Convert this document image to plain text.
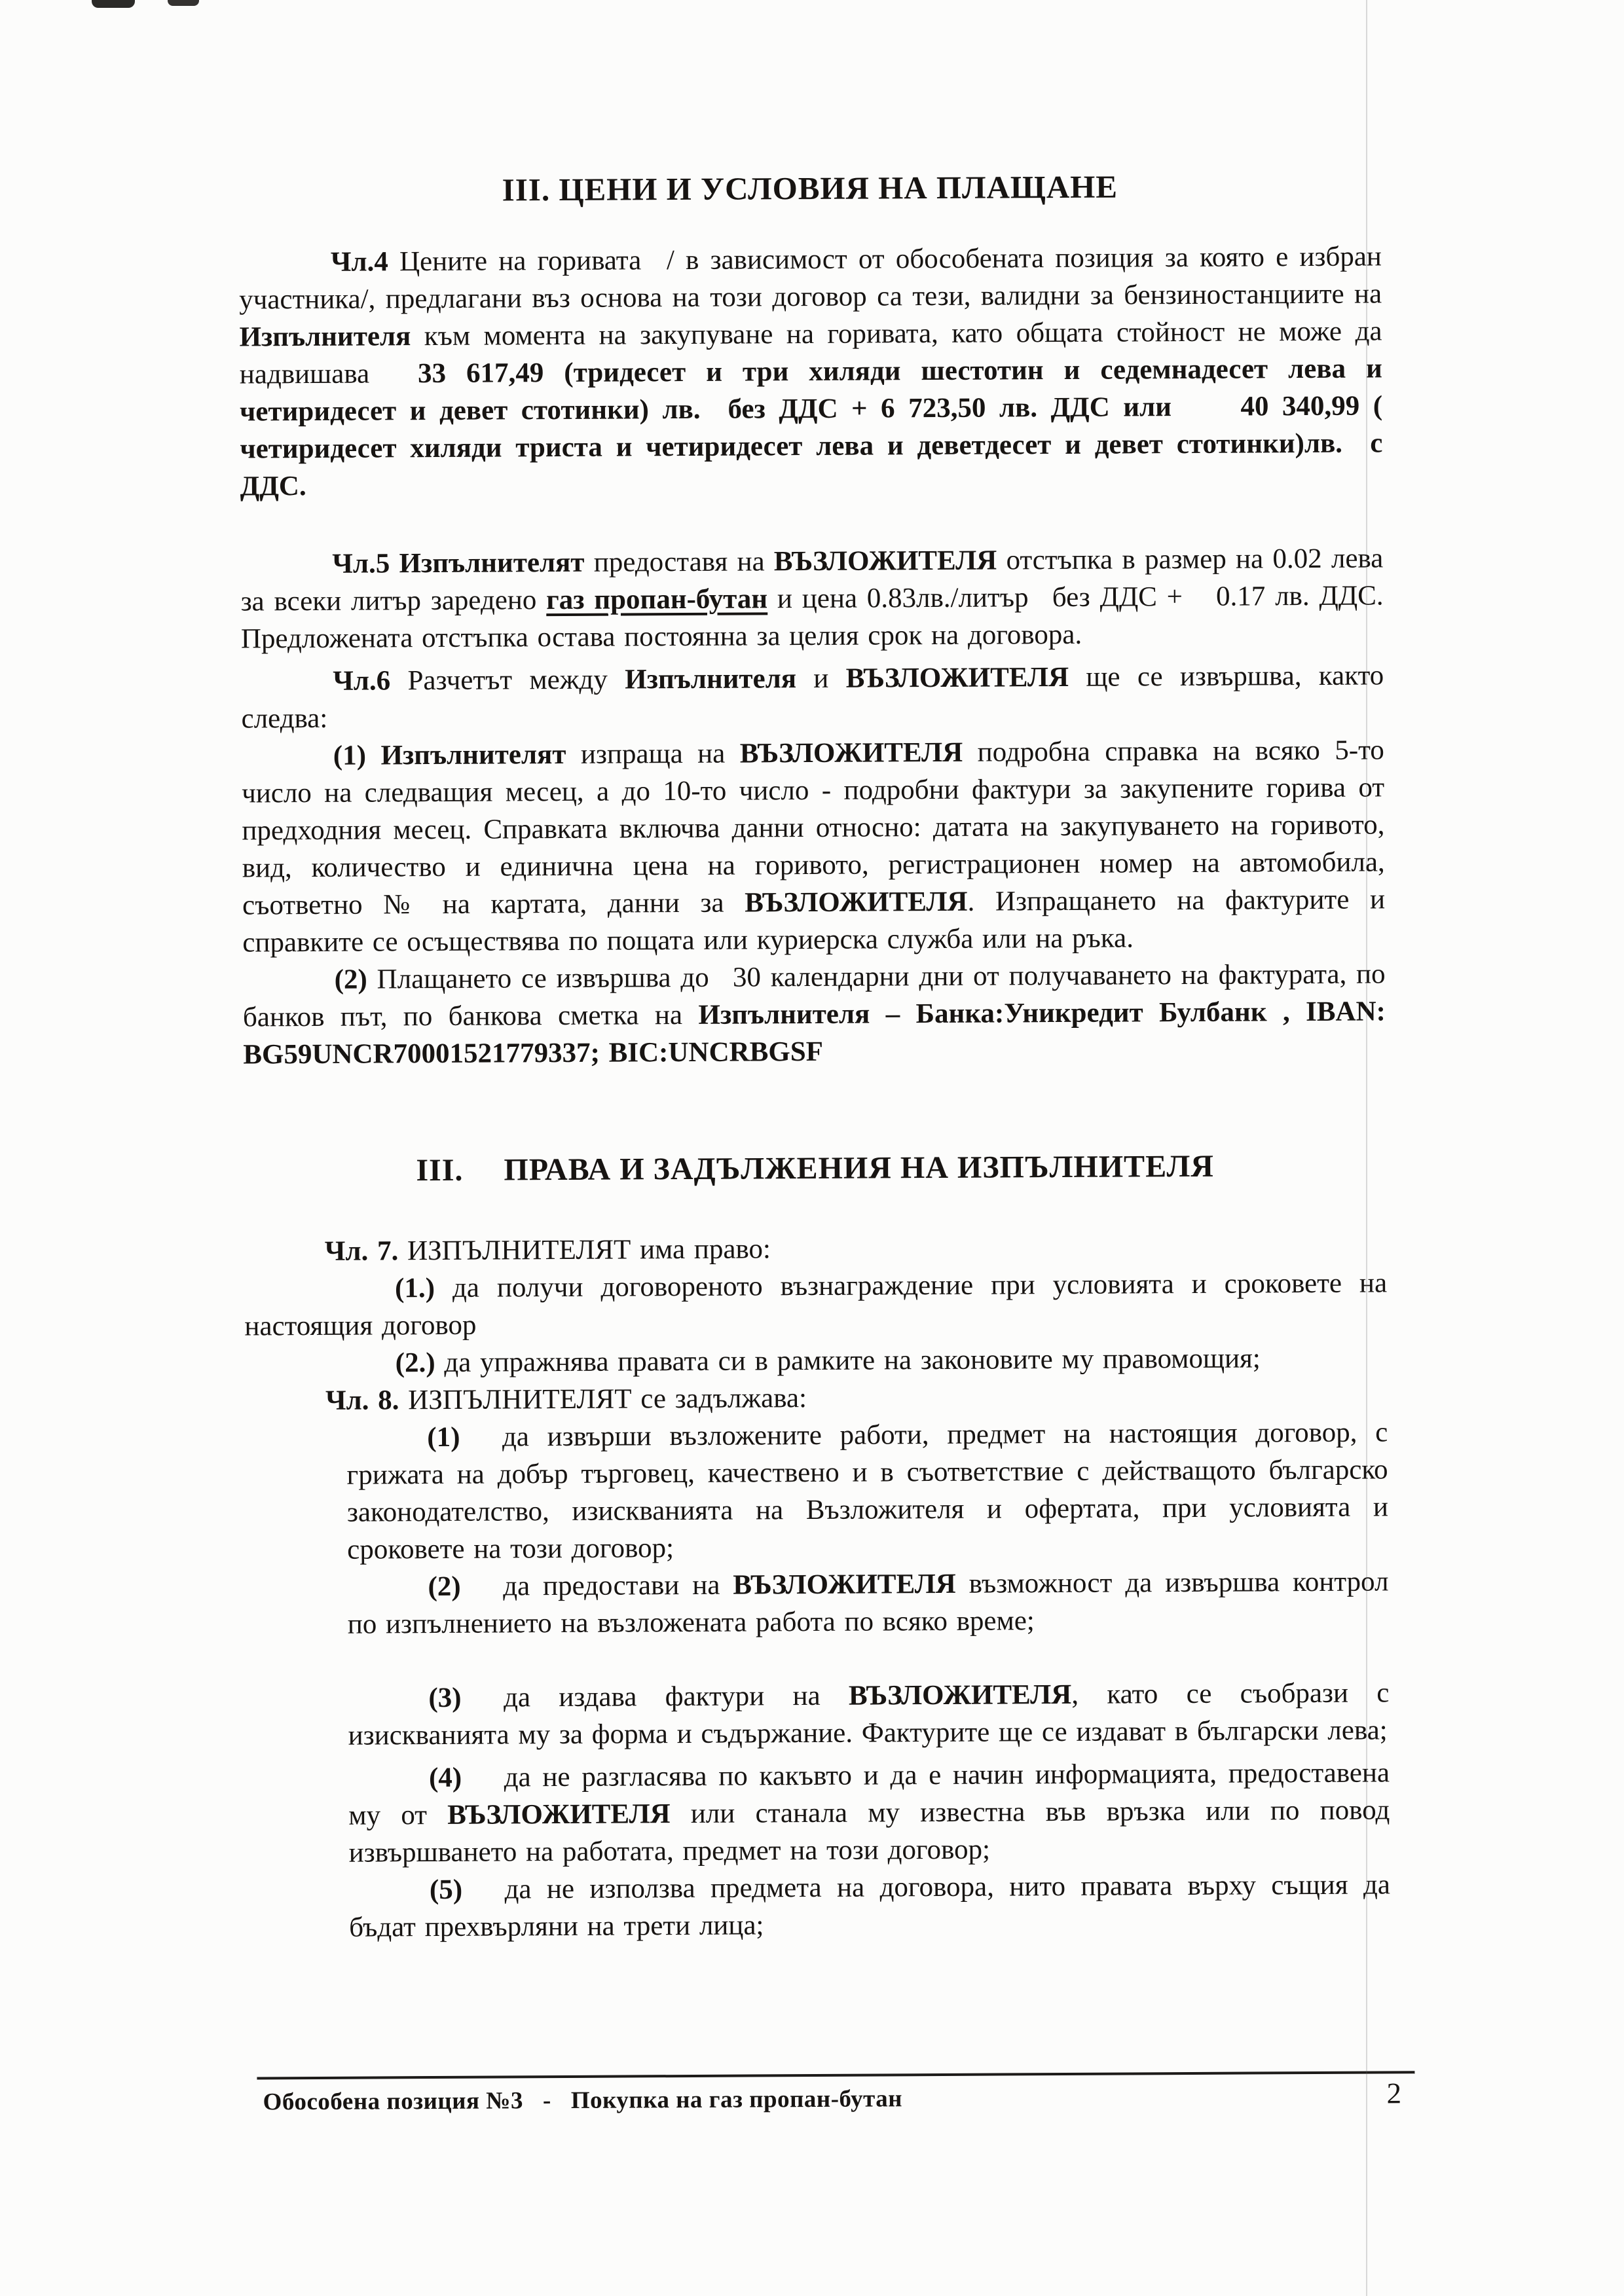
III. ЦЕНИ И УСЛОВИЯ НА ПЛАЩАНЕ

Чл.4 Цените на горивата  / в зависимост от обособената позиция за която е избран участника/, предлагани въз основа на този договор са тези, валидни за бензиностанциите на Изпълнителя към момента на закупуване на горивата, като общата стойност не може да надвишава  33 617,49 (тридесет и три хиляди шестотин и седемнадесет лева и четиридесет и девет стотинки) лв.  без ДДС + 6 723,50 лв. ДДС или    40 340,99 ( четиридесет хиляди триста и четиридесет лева и деветдесет и девет стотинки)лв.  с ДДС.

Чл.5 Изпълнителят предоставя на ВЪЗЛОЖИТЕЛЯ отстъпка в размер на 0.02 лева за всеки литър заредено газ пропан-бутан и цена 0.83лв./литър  без ДДС +   0.17 лв. ДДС. Предложената отстъпка остава постоянна за целия срок на договора.

Чл.6 Разчетът между Изпълнителя и ВЪЗЛОЖИТЕЛЯ ще се извършва, както следва:

(1) Изпълнителят изпраща на ВЪЗЛОЖИТЕЛЯ подробна справка на всяко 5-то число на следващия месец, а до 10-то число - подробни фактури за закупените горива от предходния месец. Справката включва данни относно: датата на закупуването на горивото, вид, количество и единична цена на горивото, регистрационен номер на автомобила, съответно № на картата, данни за ВЪЗЛОЖИТЕЛЯ. Изпращането на фактурите и справките се осъществява по пощата или куриерска служба или на ръка.

(2) Плащането се извършва до  30 календарни дни от получаването на фактурата, по банков път, по банкова сметка на Изпълнителя – Банка:Уникредит Булбанк , IBAN: BG59UNCR70001521779337; BIC:UNCRBGSF

III. ПРАВА И ЗАДЪЛЖЕНИЯ НА ИЗПЪЛНИТЕЛЯ

Чл. 7. ИЗПЪЛНИТЕЛЯТ има право:

(1.) да получи договореното възнаграждение при условията и сроковете на настоящия договор

(2.) да упражнява правата си в рамките на законовите му правомощия;

Чл. 8. ИЗПЪЛНИТЕЛЯТ се задължава:

(1)  да извърши възложените работи, предмет на настоящия договор, с грижата на добър търговец, качествено и в съответствие с действащото българско законодателство, изискванията на Възложителя и офертата, при условията и сроковете на този договор;

(2)  да предостави на ВЪЗЛОЖИТЕЛЯ възможност да извършва контрол по изпълнението на възложената работа по всяко време;

(3)  да издава фактури на ВЪЗЛОЖИТЕЛЯ, като се съобрази с изискванията му за форма и съдържание. Фактурите ще се издават в български лева;

(4)  да не разгласява по какъвто и да е начин информацията, предоставена му от ВЪЗЛОЖИТЕЛЯ или станала му известна във връзка или по повод извършването на работата, предмет на този договор;

(5)  да не използва предмета на договора, нито правата върху същия да бъдат прехвърляни на трети лица;

Обособена позиция №3 - Покупка на газ пропан-бутан	2
